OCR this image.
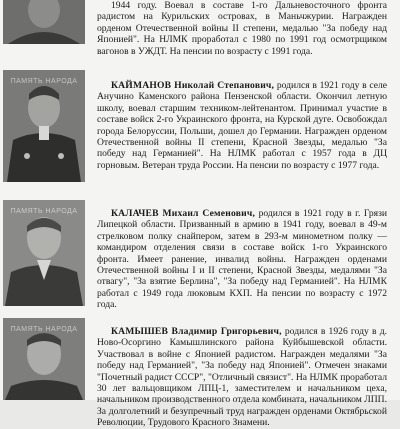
1944 году. Воевал в составе 1-го Дальневосточного фронта радистом на Курильских островах, в Маньчжурии. Награжден орденом Отечественной войны II степени, медалью "За победу над Японией". На НЛМК проработал с 1980 по 1991 год осмотрщиком вагонов в УЖДТ. На пенсии по возрасту с 1991 года.

ПАМЯТЬ НАРОДА	КАЙМАНОВ Николай Степанович, родился в 1921 году в селе Анучино Каменского района Пензенской области. Окончил летную школу, воевал старшим техником-лейтенантом. Принимал участие в составе войск 2-го Украинского фронта, на Курской дуге. Освобождал города Белоруссии, Польши, дошел до Германии. Награжден орденом Отечественной войны II степени, Красной Звезды, медалью "За победу над Германией". На НЛМК работал с 1957 года в ДЦ горновым. Ветеран труда России. На пенсии по возрасту с 1977 года.

ПАМЯТЬ НАРОДА	КАЛАЧЕВ Михаил Семенович, родился в 1921 году в г. Грязи Липецкой области. Призванный в армию в 1941 году, воевал в 49-м стрелковом полку снайпером, затем в 293-м минометном полку — командиром отделения связи в составе войск 1-го Украинского фронта. Имеет ранение, инвалид войны. Награжден орденами Отечественной войны I и II степени, Красной Звезды, медалями "За отвагу", "За взятие Берлина", "За победу над Германией". На НЛМК работал с 1949 года люковым КХП. На пенсии по возрасту с 1972 года.

ПАМЯТЬ НАРОДА	КАМЫШЕВ Владимир Григорьевич, родился в 1926 году в д. Ново-Осоргино Камышлинского района Куйбышевской области. Участвовал в войне с Японией радистом. Награжден медалями "За победу над Германией", "За победу над Японией". Отмечен знаками "Почетный радист СССР", "Отличный связист". На НЛМК проработал 30 лет вальцовщиком ЛПЦ-1, заместителем и начальником цеха, начальником производственного отдела комбината, начальником ЛПП. За долголетний и безупречный труд награжден орденами Октябрьской Революции, Трудового Красного Знамени.
